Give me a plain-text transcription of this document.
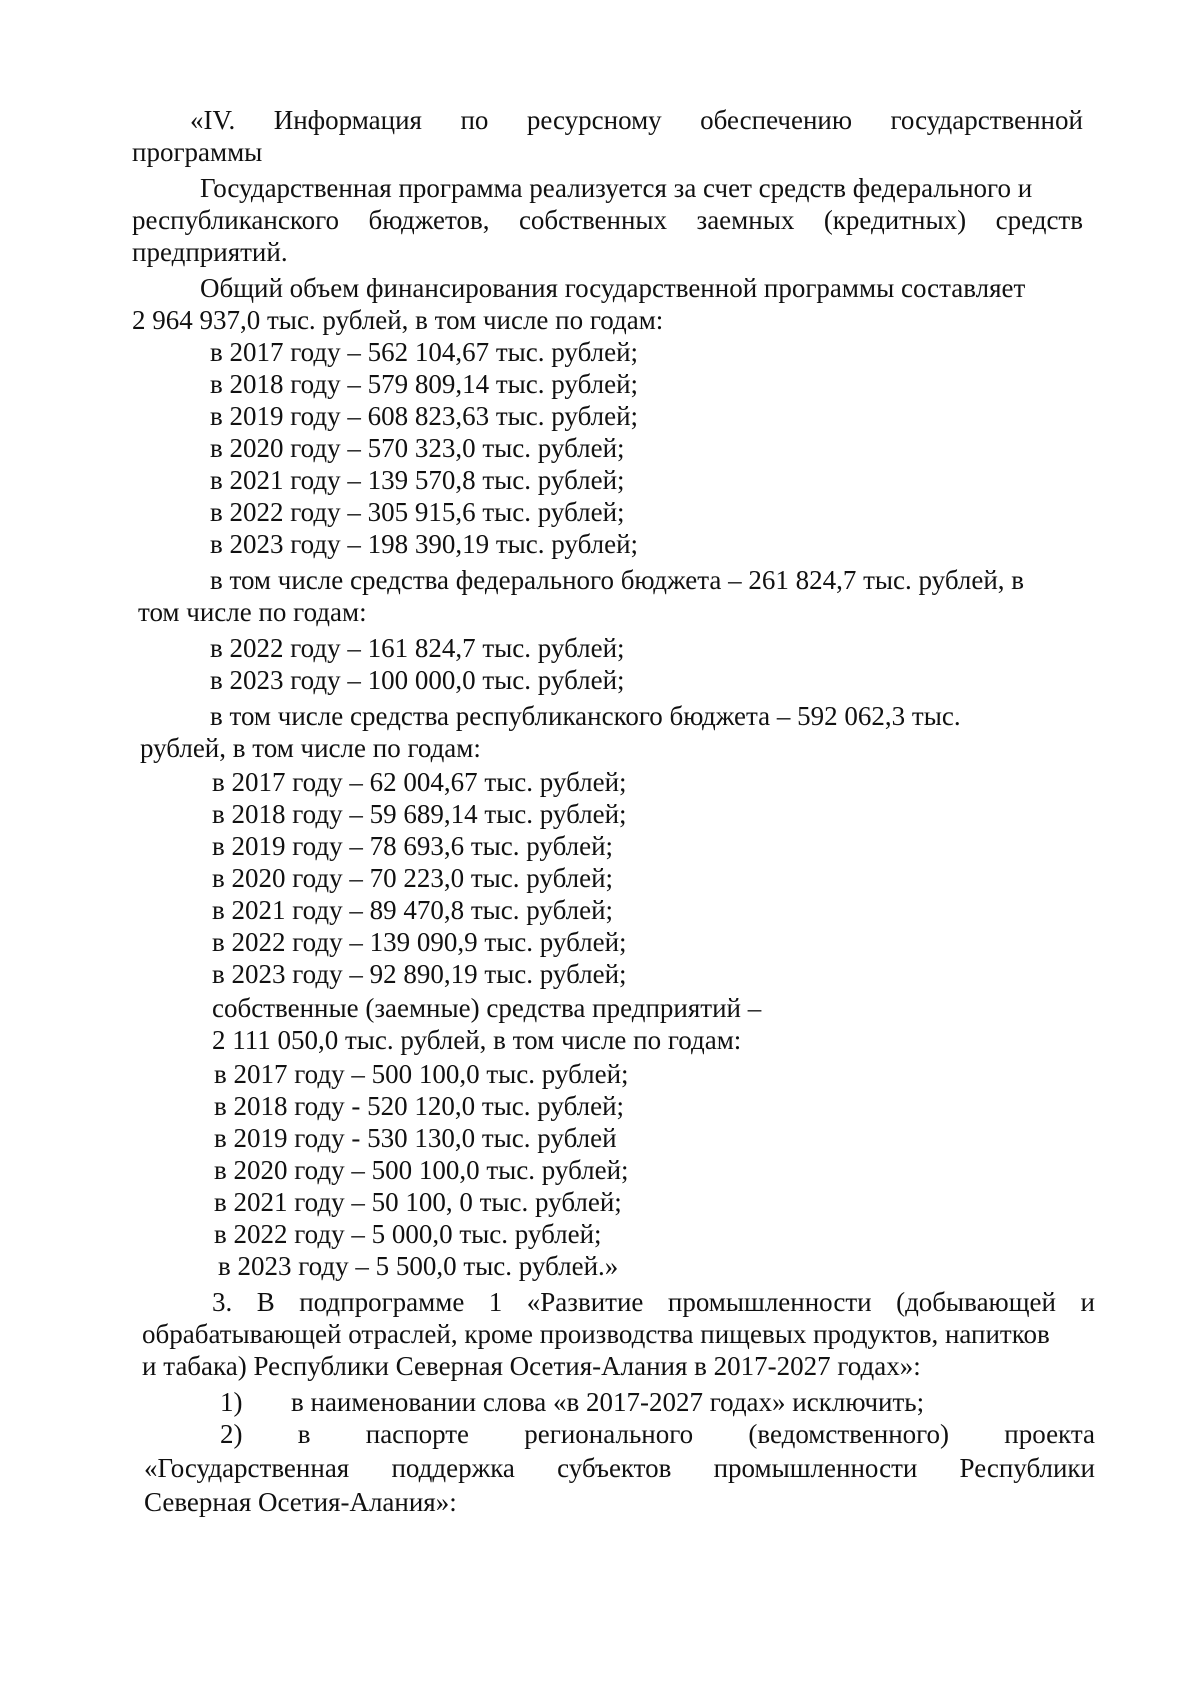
«IV. Информация по ресурсному обеспечению государственной
программы
Государственная программа реализуется за счет средств федерального и
республиканского бюджетов, собственных заемных (кредитных) средств
предприятий.
Общий объем финансирования государственной программы составляет
2 964 937,0 тыс. рублей, в том числе по годам:
в 2017 году – 562 104,67 тыс. рублей;
в 2018 году – 579 809,14 тыс. рублей;
в 2019 году – 608 823,63 тыс. рублей;
в 2020 году – 570 323,0 тыс. рублей;
в 2021 году – 139 570,8 тыс. рублей;
в 2022 году – 305 915,6 тыс. рублей;
в 2023 году – 198 390,19 тыс. рублей;
в том числе средства федерального бюджета – 261 824,7 тыс. рублей, в
том числе по годам:
в 2022 году – 161 824,7 тыс. рублей;
в 2023 году – 100 000,0 тыс. рублей;
в том числе средства республиканского бюджета – 592 062,3 тыс.
рублей, в том числе по годам:
в 2017 году – 62 004,67 тыс. рублей;
в 2018 году – 59 689,14 тыс. рублей;
в 2019 году – 78 693,6 тыс. рублей;
в 2020 году – 70 223,0 тыс. рублей;
в 2021 году – 89 470,8 тыс. рублей;
в 2022 году – 139 090,9 тыс. рублей;
в 2023 году – 92 890,19 тыс. рублей;
собственные (заемные) средства предприятий –
2 111 050,0 тыс. рублей, в том числе по годам:
в 2017 году – 500 100,0 тыс. рублей;
в 2018 году - 520 120,0 тыс. рублей;
в 2019 году - 530 130,0 тыс. рублей
в 2020 году – 500 100,0 тыс. рублей;
в 2021 году – 50 100, 0 тыс. рублей;
в 2022 году – 5 000,0 тыс. рублей;
в 2023 году – 5 500,0 тыс. рублей.»
3. В подпрограмме 1 «Развитие промышленности (добывающей и
обрабатывающей отраслей, кроме производства пищевых продуктов, напитков
и табака) Республики Северная Осетия-Алания в 2017-2027 годах»:
1) в наименовании слова «в 2017-2027 годах» исключить;
2) в паспорте регионального (ведомственного) проекта
«Государственная поддержка субъектов промышленности Республики
Северная Осетия-Алания»:
